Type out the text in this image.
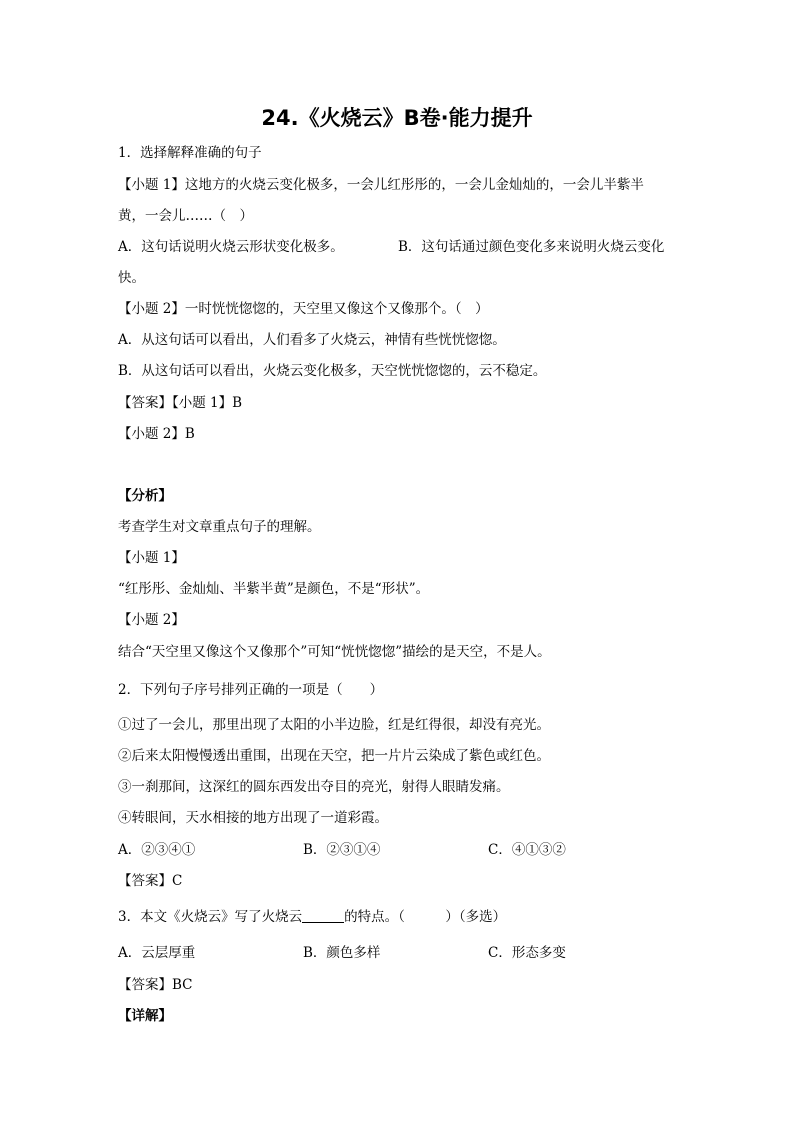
24.《火烧云》B卷·能力提升
1．选择解释准确的句子
【小题 1】这地方的火烧云变化极多，一会儿红彤彤的，一会儿金灿灿的，一会儿半紫半
黄，一会儿……（　）
A．这句话说明火烧云形状变化极多。	B．这句话通过颜色变化多来说明火烧云变化
快。
【小题 2】一时恍恍惚惚的，天空里又像这个又像那个。（　）
A．从这句话可以看出，人们看多了火烧云，神情有些恍恍惚惚。
B．从这句话可以看出，火烧云变化极多，天空恍恍惚惚的，云不稳定。
【答案】【小题 1】B
【小题 2】B
【分析】
考查学生对文章重点句子的理解。
【小题 1】
“红彤彤、金灿灿、半紫半黄”是颜色，不是“形状”。
【小题 2】
结合“天空里又像这个又像那个”可知“恍恍惚惚”描绘的是天空，不是人。
2．下列句子序号排列正确的一项是（　　）
①过了一会儿，那里出现了太阳的小半边脸，红是红得很，却没有亮光。
②后来太阳慢慢透出重围，出现在天空，把一片片云染成了紫色或红色。
③一刹那间，这深红的圆东西发出夺目的亮光，射得人眼睛发痛。
④转眼间，天水相接的地方出现了一道彩霞。
A．②③④①	B．②③①④	C．④①③②
【答案】C
3．本文《火烧云》写了火烧云	的特点。（　　　）（多选）
A．云层厚重	B．颜色多样	C．形态多变
【答案】BC
【详解】
